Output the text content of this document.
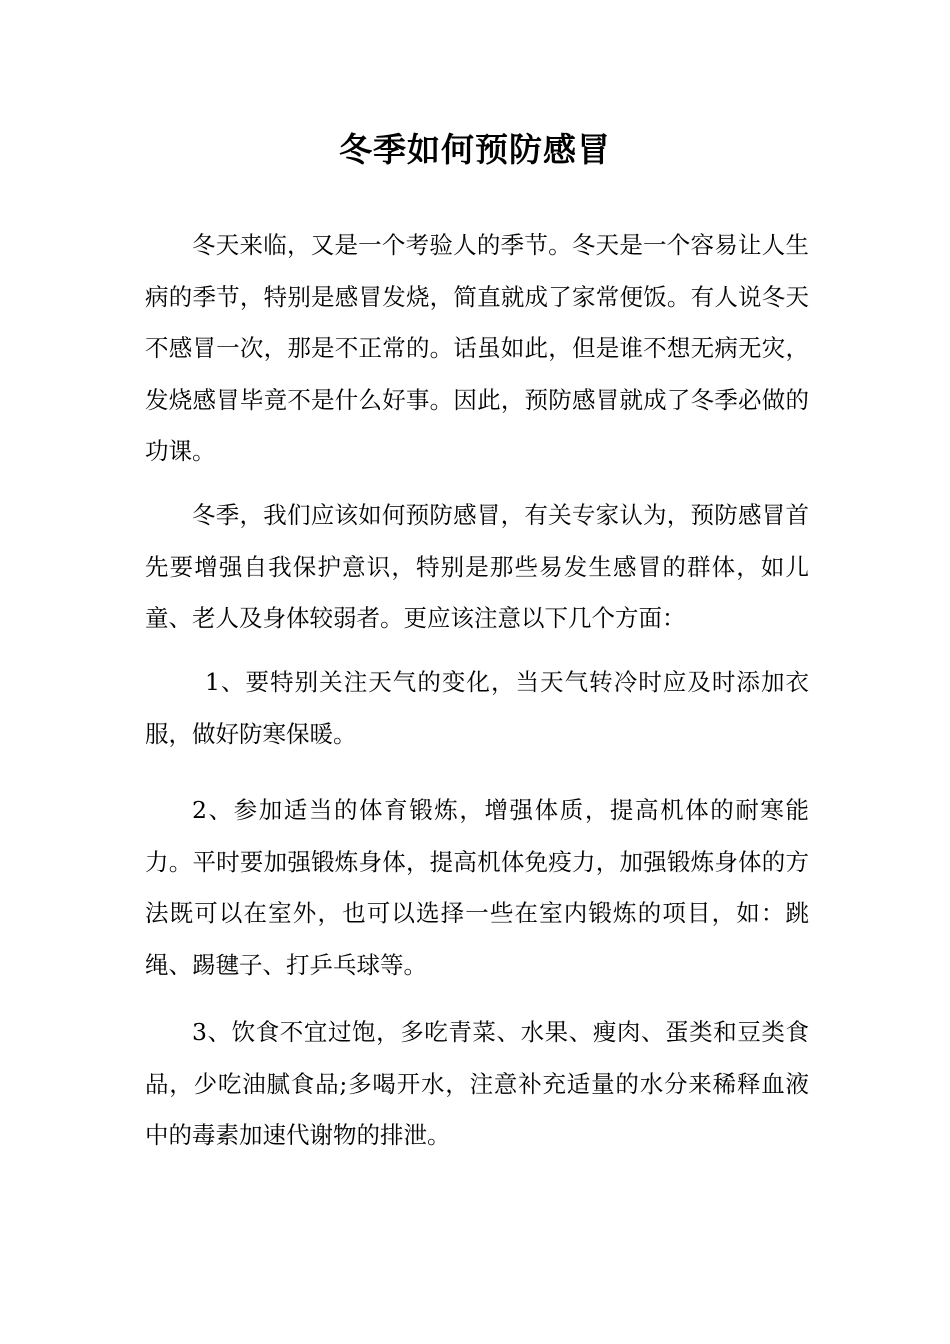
冬季如何预防感冒

冬天来临，又是一个考验人的季节。冬天是一个容易让人生病的季节，特别是感冒发烧，简直就成了家常便饭。有人说冬天不感冒一次，那是不正常的。话虽如此，但是谁不想无病无灾，发烧感冒毕竟不是什么好事。因此，预防感冒就成了冬季必做的功课。

冬季，我们应该如何预防感冒，有关专家认为，预防感冒首先要增强自我保护意识，特别是那些易发生感冒的群体，如儿童、老人及身体较弱者。更应该注意以下几个方面：

1、要特别关注天气的变化，当天气转冷时应及时添加衣服，做好防寒保暖。

2、参加适当的体育锻炼，增强体质，提高机体的耐寒能力。平时要加强锻炼身体，提高机体免疫力，加强锻炼身体的方法既可以在室外，也可以选择一些在室内锻炼的项目，如：跳绳、踢毽子、打乒乓球等。

3、饮食不宜过饱，多吃青菜、水果、瘦肉、蛋类和豆类食品，少吃油腻食品;多喝开水，注意补充适量的水分来稀释血液中的毒素加速代谢物的排泄。
